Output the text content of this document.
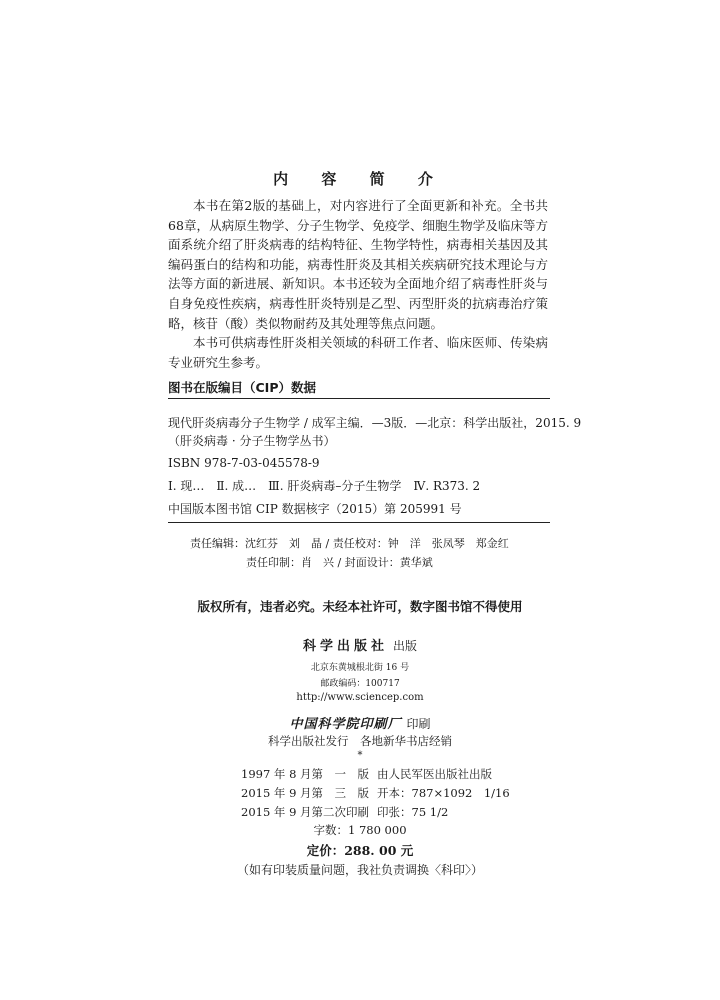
内 容 简 介

本书在第2版的基础上，对内容进行了全面更新和补充。全书共68章，从病原生物学、分子生物学、免疫学、细胞生物学及临床等方面系统介绍了肝炎病毒的结构特征、生物学特性，病毒相关基因及其编码蛋白的结构和功能，病毒性肝炎及其相关疾病研究技术理论与方法等方面的新进展、新知识。本书还较为全面地介绍了病毒性肝炎与自身免疫性疾病，病毒性肝炎特别是乙型、丙型肝炎的抗病毒治疗策略，核苷（酸）类似物耐药及其处理等焦点问题。

本书可供病毒性肝炎相关领域的科研工作者、临床医师、传染病专业研究生参考。

图书在版编目（CIP）数据
现代肝炎病毒分子生物学 / 成军主编．—3版．—北京：科学出版社，2015. 9
（肝炎病毒 · 分子生物学丛书）
ISBN 978-7-03-045578-9
Ⅰ. 现…　Ⅱ. 成…　Ⅲ. 肝炎病毒–分子生物学　Ⅳ. R373. 2
中国版本图书馆 CIP 数据核字（2015）第 205991 号
责任编辑：沈红芬　刘　晶 / 责任校对：钟　洋　张凤琴　郑金红
责任印制：肖　兴 / 封面设计：黄华斌
版权所有，违者必究。未经本社许可，数字图书馆不得使用
科学出版社 出版
北京东黄城根北街 16 号
邮政编码：100717
http://www.sciencep.com
中国科学院印刷厂 印刷
科学出版社发行　各地新华书店经销
*
1997 年 8 月第　一　版 由人民军医出版社出版
2015 年 9 月第　三　版 开本：787×1092　1/16
2015 年 9 月第二次印刷 印张：75 1/2
字数：1 780 000
定价：288. 00 元
（如有印装质量问题，我社负责调换〈科印〉）
